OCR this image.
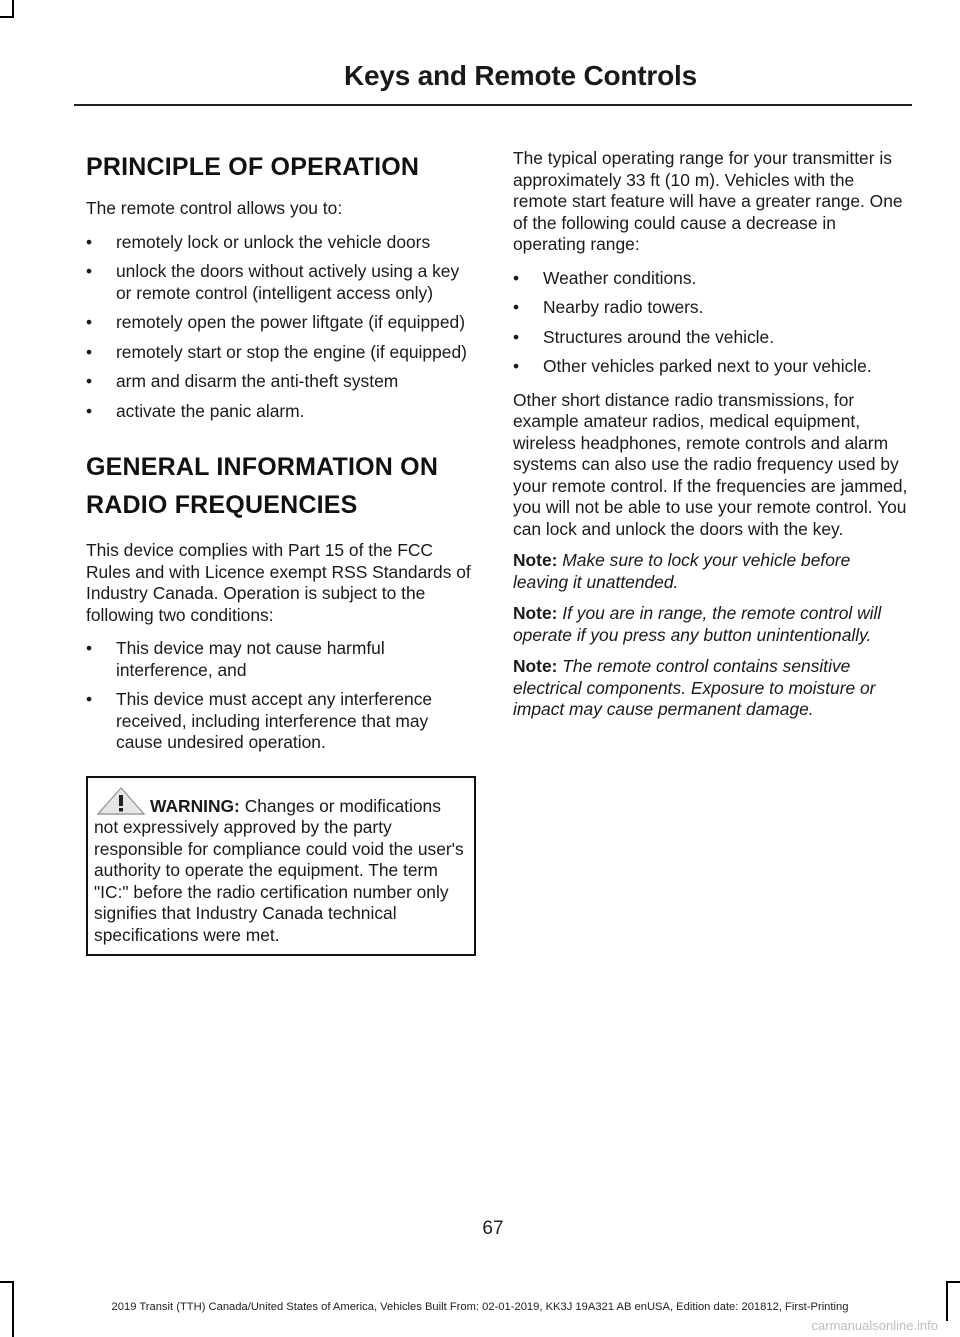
Keys and Remote Controls
PRINCIPLE OF OPERATION

The remote control allows you to:

•	remotely lock or unlock the vehicle doors
•	unlock the doors without actively using a key or remote control (intelligent access only)
•	remotely open the power liftgate (if equipped)
•	remotely start or stop the engine (if equipped)
•	arm and disarm the anti-theft system
•	activate the panic alarm.
GENERAL INFORMATION ON
RADIO FREQUENCIES

This device complies with Part 15 of the FCC Rules and with Licence exempt RSS Standards of Industry Canada. Operation is subject to the following two conditions:

•	This device may not cause harmful interference, and
•	This device must accept any interference received, including interference that may cause undesired operation.
WARNING: Changes or modifications not expressively approved by the party responsible for compliance could void the user's authority to operate the equipment. The term "IC:" before the radio certification number only signifies that Industry Canada technical specifications were met.

The typical operating range for your transmitter is approximately 33 ft (10 m). Vehicles with the remote start feature will have a greater range. One of the following could cause a decrease in operating range:

•	Weather conditions.
•	Nearby radio towers.
•	Structures around the vehicle.
•	Other vehicles parked next to your vehicle.

Other short distance radio transmissions, for example amateur radios, medical equipment, wireless headphones, remote controls and alarm systems can also use the radio frequency used by your remote control. If the frequencies are jammed, you will not be able to use your remote control. You can lock and unlock the doors with the key.

Note: Make sure to lock your vehicle before leaving it unattended.

Note: If you are in range, the remote control will operate if you press any button unintentionally.

Note: The remote control contains sensitive electrical components. Exposure to moisture or impact may cause permanent damage.

67

2019 Transit (TTH) Canada/United States of America, Vehicles Built From: 02-01-2019, KK3J 19A321 AB enUSA, Edition date: 201812, First-Printing

carmanualsonline.info
